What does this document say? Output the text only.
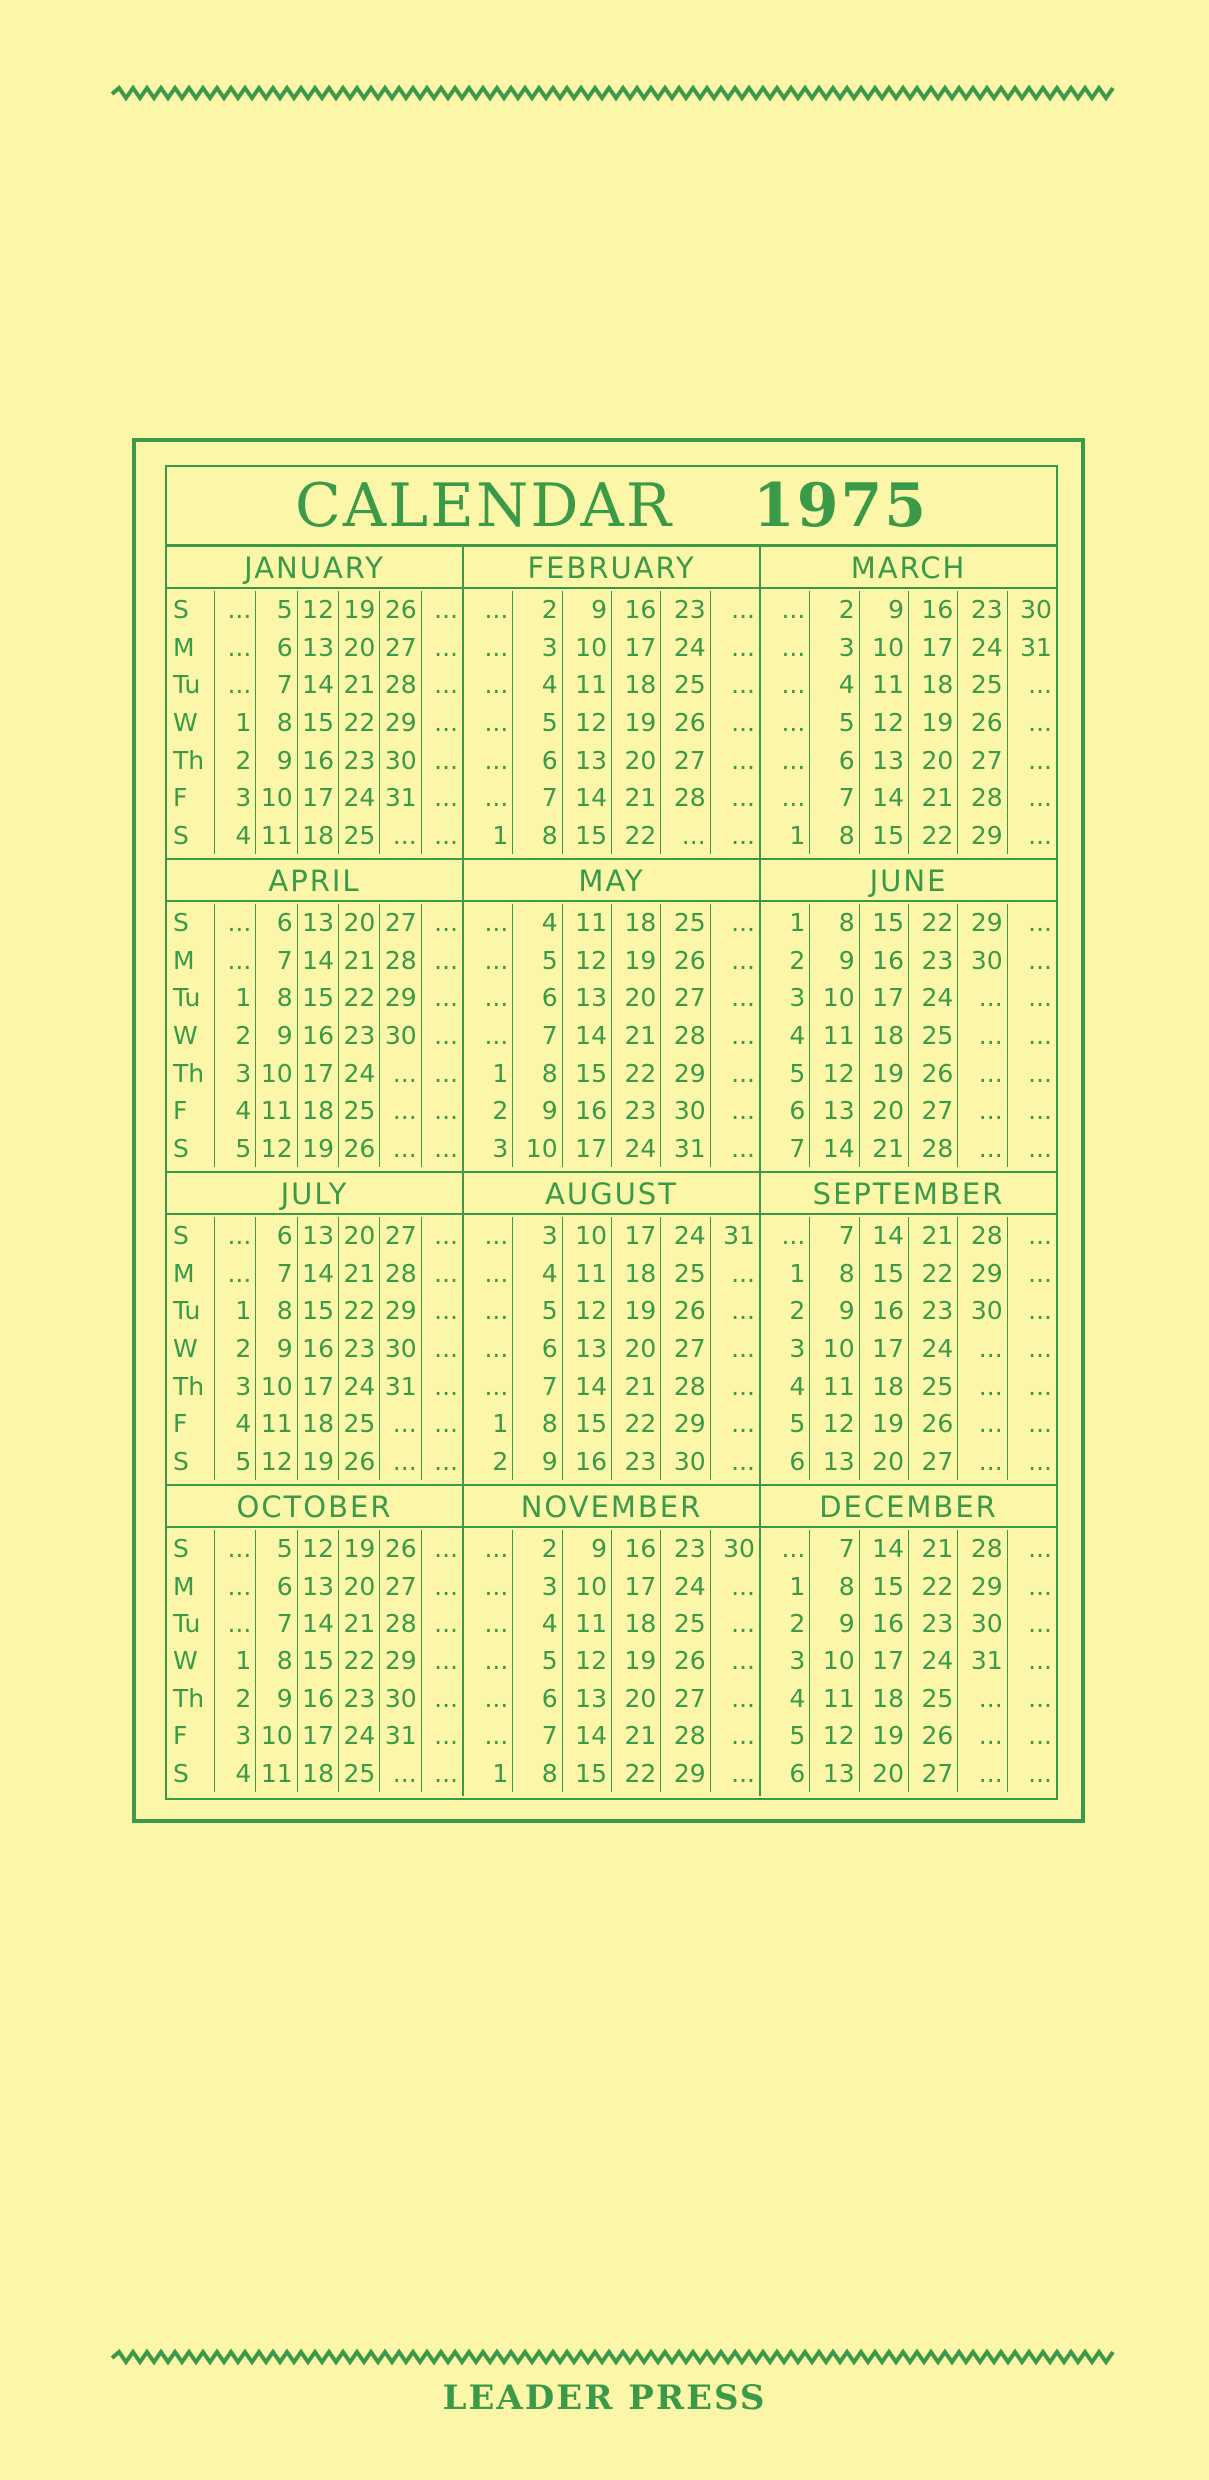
CALENDAR 1975
JANUARY
S	...	5 12 19 26 ...
M	...	6 13 20 27 ...
Tu	...	7 14 21 28 ...
W	1	8 15 22 29 ...
Th	2	9 16 23 30 ...
F	3 10 17 24 31 ...
S	4 11 18 25 ... ...
FEBRUARY
...	2	9 16 23	...
...	3 10 17 24	...
...	4 11 18 25	...
...	5 12 19 26	...
...	6 13 20 27	...
...	7 14 21 28	...
1	8 15 22	...	...
MARCH
...	2	9 16 23 30
...	3 10 17 24 31
...	4 11 18 25	...
...	5 12 19 26	...
...	6 13 20 27	...
...	7 14 21 28	...
1	8 15 22 29	...
APRIL
S	...	6 13 20 27 ...
M	...	7 14 21 28 ...
Tu	1	8 15 22 29 ...
W	2	9 16 23 30 ...
Th	3 10 17 24 ... ...
F	4 11 18 25 ... ...
S	5 12 19 26 ... ...
MAY
...	4 11 18 25	...
...	5 12 19 26	...
...	6 13 20 27	...
...	7 14 21 28	...
1	8 15 22 29	...
2	9 16 23 30	...
3 10 17 24 31	...
JUNE
1	8 15 22 29	...
2	9 16 23 30	...
3 10 17 24	...	...
4 11 18 25	...	...
5 12 19 26	...	...
6 13 20 27	...	...
7 14 21 28	...	...
JULY
S	...	6 13 20 27 ...
M	...	7 14 21 28 ...
Tu	1	8 15 22 29 ...
W	2	9 16 23 30 ...
Th	3 10 17 24 31 ...
F	4 11 18 25 ... ...
S	5 12 19 26 ... ...
AUGUST
...	3 10 17 24 31
...	4 11 18 25	...
...	5 12 19 26	...
...	6 13 20 27	...
...	7 14 21 28	...
1	8 15 22 29	...
2	9 16 23 30	...
SEPTEMBER
...	7 14 21 28	...
1	8 15 22 29	...
2	9 16 23 30	...
3 10 17 24	...	...
4 11 18 25	...	...
5 12 19 26	...	...
6 13 20 27	...	...
OCTOBER
S	...	5 12 19 26 ...
M	...	6 13 20 27 ...
Tu	...	7 14 21 28 ...
W	1	8 15 22 29 ...
Th	2	9 16 23 30 ...
F	3 10 17 24 31 ...
S	4 11 18 25 ... ...
NOVEMBER
...	2	9 16 23 30
...	3 10 17 24	...
...	4 11 18 25	...
...	5 12 19 26	...
...	6 13 20 27	...
...	7 14 21 28	...
1	8 15 22 29	...
DECEMBER
...	7 14 21 28	...
1	8 15 22 29	...
2	9 16 23 30	...
3 10 17 24 31	...
4 11 18 25	...	...
5 12 19 26	...	...
6 13 20 27	...	...
LEADER PRESS
